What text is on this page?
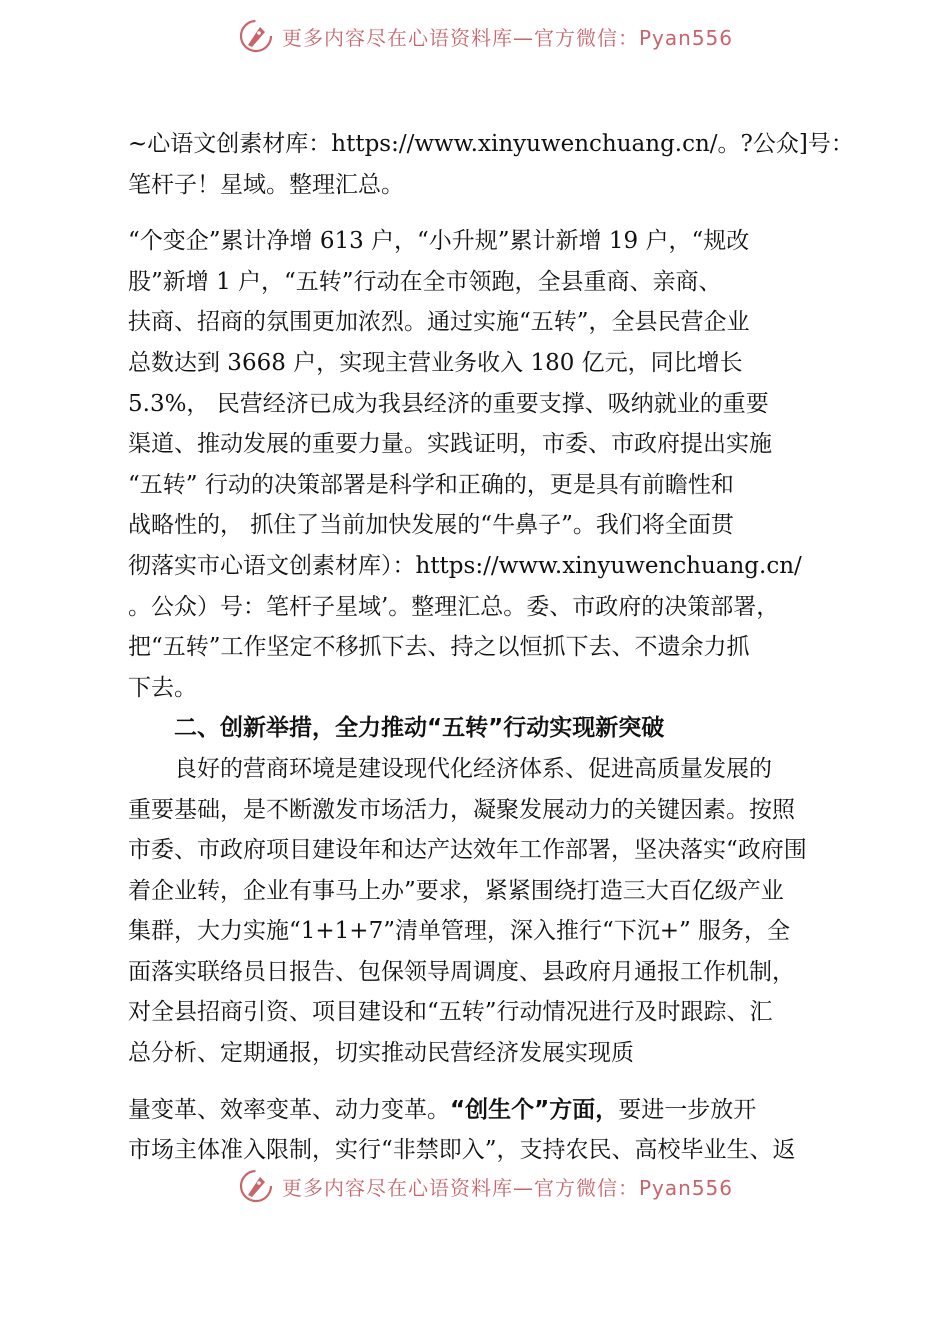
更多内容尽在心语资料库—官方微信：Pyan556
~心语文创素材库：https://www.xinyuwenchuang.cn/。?公众]号：
笔杆子！星域。整理汇总。
“个变企”累计净增 613 户，“小升规”累计新增 19 户，“规改
股”新增 1 户，“五转”行动在全市领跑，全县重商、亲商、
扶商、招商的氛围更加浓烈。通过实施“五转”，全县民营企业
总数达到 3668 户，实现主营业务收入 180 亿元，同比增长
5.3%， 民营经济已成为我县经济的重要支撑、吸纳就业的重要
渠道、推动发展的重要力量。实践证明，市委、市政府提出实施
“五转” 行动的决策部署是科学和正确的，更是具有前瞻性和
战略性的， 抓住了当前加快发展的“牛鼻子”。我们将全面贯
彻落实市心语文创素材库）：https://www.xinyuwenchuang.cn/
。公众）号：笔杆子星域’。整理汇总。委、市政府的决策部署，
把“五转”工作坚定不移抓下去、持之以恒抓下去、不遗余力抓
下去。
二、创新举措，全力推动“五转”行动实现新突破
　　良好的营商环境是建设现代化经济体系、促进高质量发展的
重要基础，是不断激发市场活力，凝聚发展动力的关键因素。按照
市委、市政府项目建设年和达产达效年工作部署，坚决落实“政府围
着企业转，企业有事马上办”要求，紧紧围绕打造三大百亿级产业
集群，大力实施“1+1+7”清单管理，深入推行“下沉+” 服务，全
面落实联络员日报告、包保领导周调度、县政府月通报工作机制，
对全县招商引资、项目建设和“五转”行动情况进行及时跟踪、汇
总分析、定期通报，切实推动民营经济发展实现质
量变革、效率变革、动力变革。“创生个”方面，要进一步放开
市场主体准入限制，实行“非禁即入”，支持农民、高校毕业生、返
更多内容尽在心语资料库—官方微信：Pyan556
